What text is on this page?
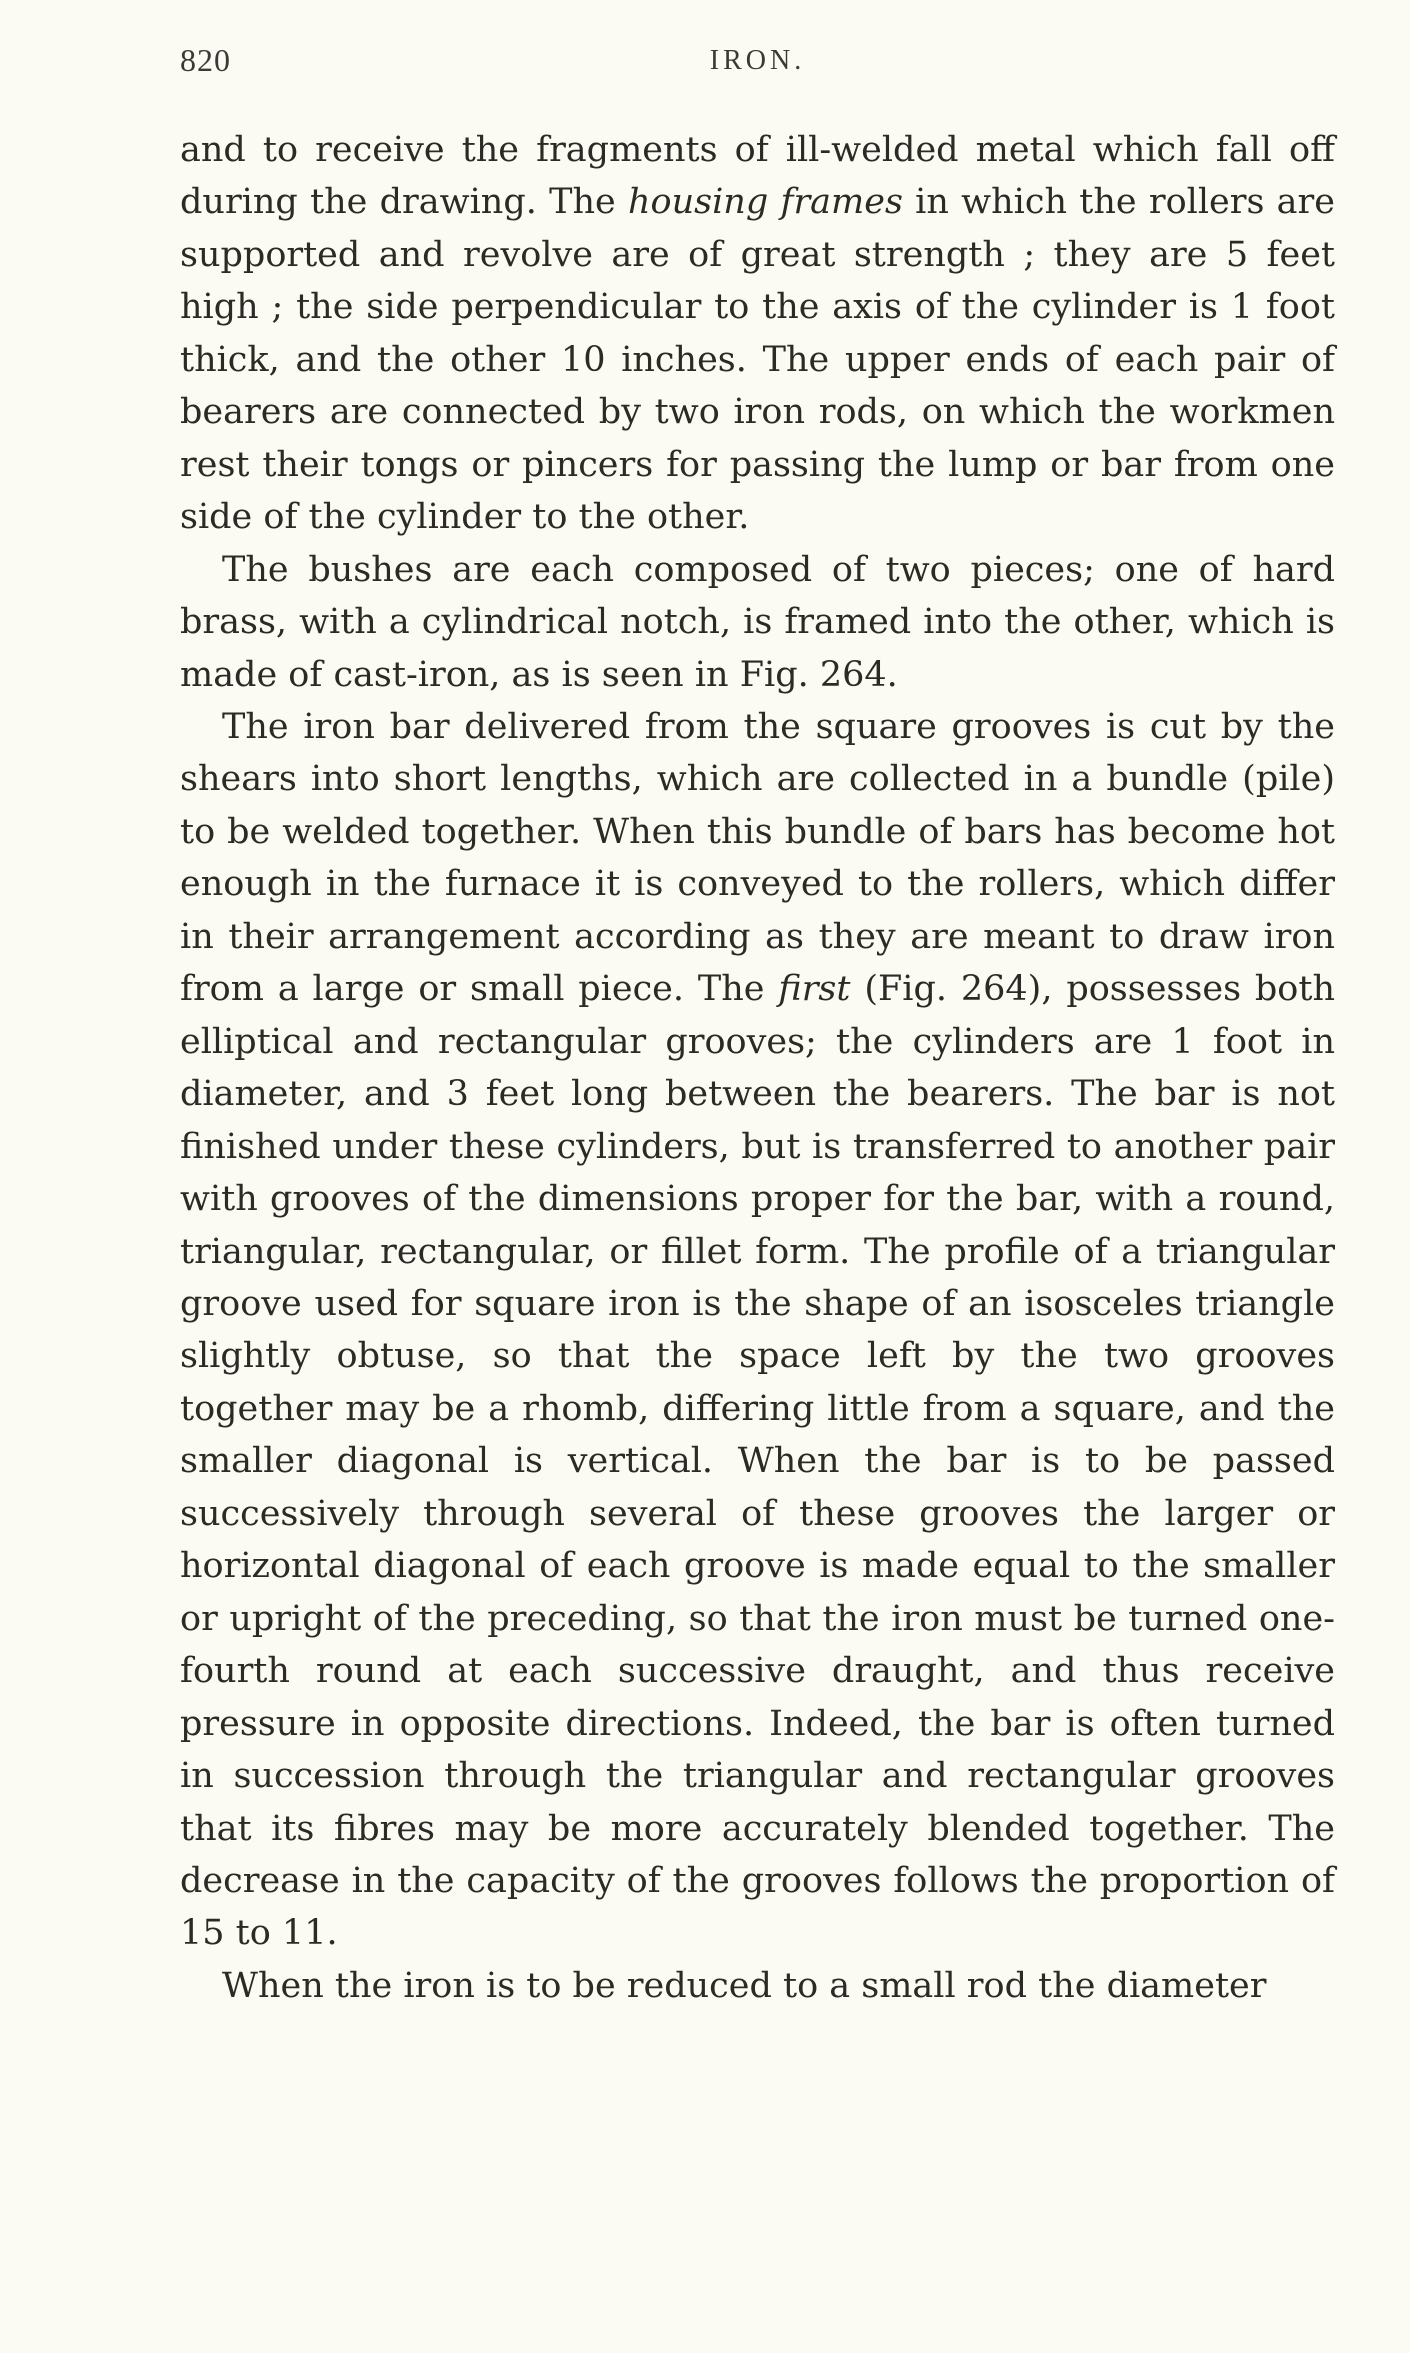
820	IRON.

and to receive the fragments of ill-welded metal which fall off during the drawing. The housing frames in which the rollers are supported and revolve are of great strength ; they are 5 feet high ; the side perpendicular to the axis of the cylinder is 1 foot thick, and the other 10 inches. The upper ends of each pair of bearers are connected by two iron rods, on which the workmen rest their tongs or pincers for passing the lump or bar from one side of the cylinder to the other.

The bushes are each composed of two pieces; one of hard brass, with a cylindrical notch, is framed into the other, which is made of cast-iron, as is seen in Fig. 264.

The iron bar delivered from the square grooves is cut by the shears into short lengths, which are collected in a bundle (pile) to be welded together. When this bundle of bars has become hot enough in the furnace it is conveyed to the rollers, which differ in their arrangement according as they are meant to draw iron from a large or small piece. The first (Fig. 264), possesses both elliptical and rectangular grooves; the cylinders are 1 foot in diameter, and 3 feet long between the bearers. The bar is not finished under these cylinders, but is transferred to another pair with grooves of the dimensions proper for the bar, with a round, triangular, rectangular, or fillet form. The profile of a triangular groove used for square iron is the shape of an isosceles triangle slightly obtuse, so that the space left by the two grooves together may be a rhomb, differing little from a square, and the smaller diagonal is vertical. When the bar is to be passed successively through several of these grooves the larger or horizontal diagonal of each groove is made equal to the smaller or upright of the preceding, so that the iron must be turned one-fourth round at each successive draught, and thus receive pressure in opposite directions. Indeed, the bar is often turned in succession through the triangular and rectangular grooves that its fibres may be more accurately blended together. The decrease in the capacity of the grooves follows the proportion of 15 to 11.

When the iron is to be reduced to a small rod the diameter
